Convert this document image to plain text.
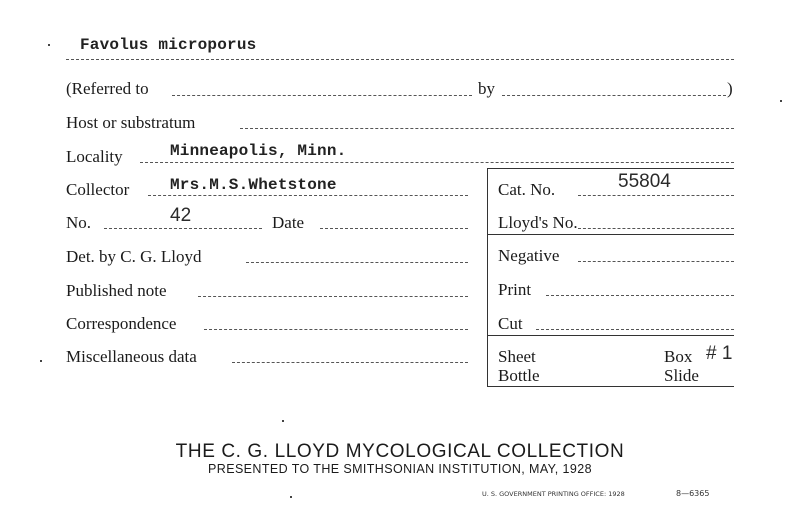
Favolus microporus
(Referred to	by	)
Host or substratum
Locality	Minneapolis, Minn.
Collector	Mrs.M.S.Whetstone
No.	42	Date
Det. by C. G. Lloyd
Published note
Correspondence
Miscellaneous data
Cat. No.	55804
Lloyd's No.
Negative
Print
Cut
Sheet
Bottle
Box # 1
Slide
THE C. G. LLOYD MYCOLOGICAL COLLECTION
PRESENTED TO THE SMITHSONIAN INSTITUTION, MAY, 1928
U. S. GOVERNMENT PRINTING OFFICE: 1928	8—6365
